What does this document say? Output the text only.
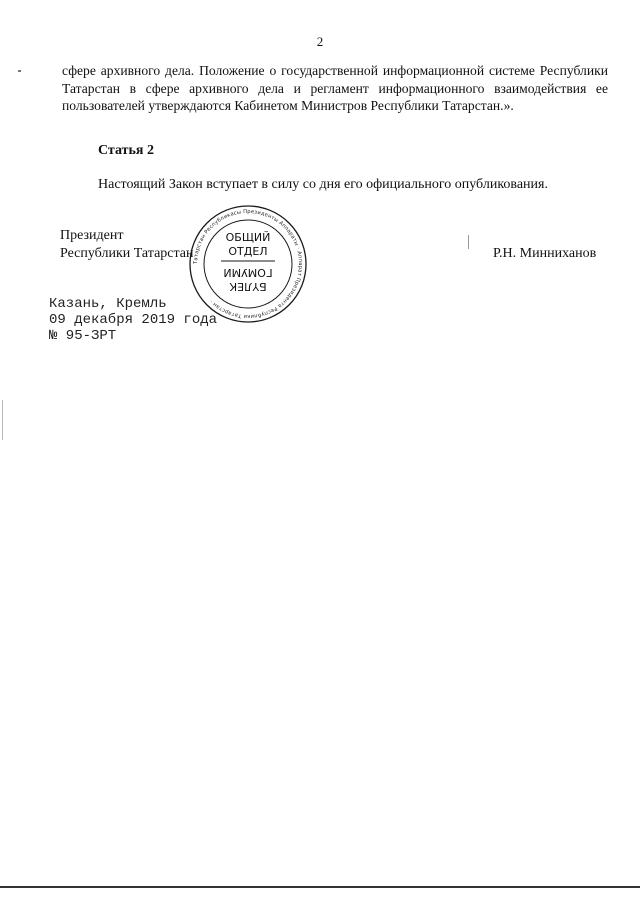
2
сфере архивного дела. Положение о государственной информационной системе Республики Татарстан в сфере архивного дела и регламент информационного взаимодействия ее пользователей утверждаются Кабинетом Министров Республики Татарстан.».
Статья 2
Настоящий Закон вступает в силу со дня его официального опубликования.
Президент
Республики Татарстан	Р.Н. Минниханов
Татарстан Республикасы Президенты Аппараты · Аппарат Президента Республики Татарстан ·
ОБЩИЙ
ОТДЕЛ
БҮЛЕК
ГОМУМИ
Казань, Кремль
09 декабря 2019 года
№ 95-ЗРТ
